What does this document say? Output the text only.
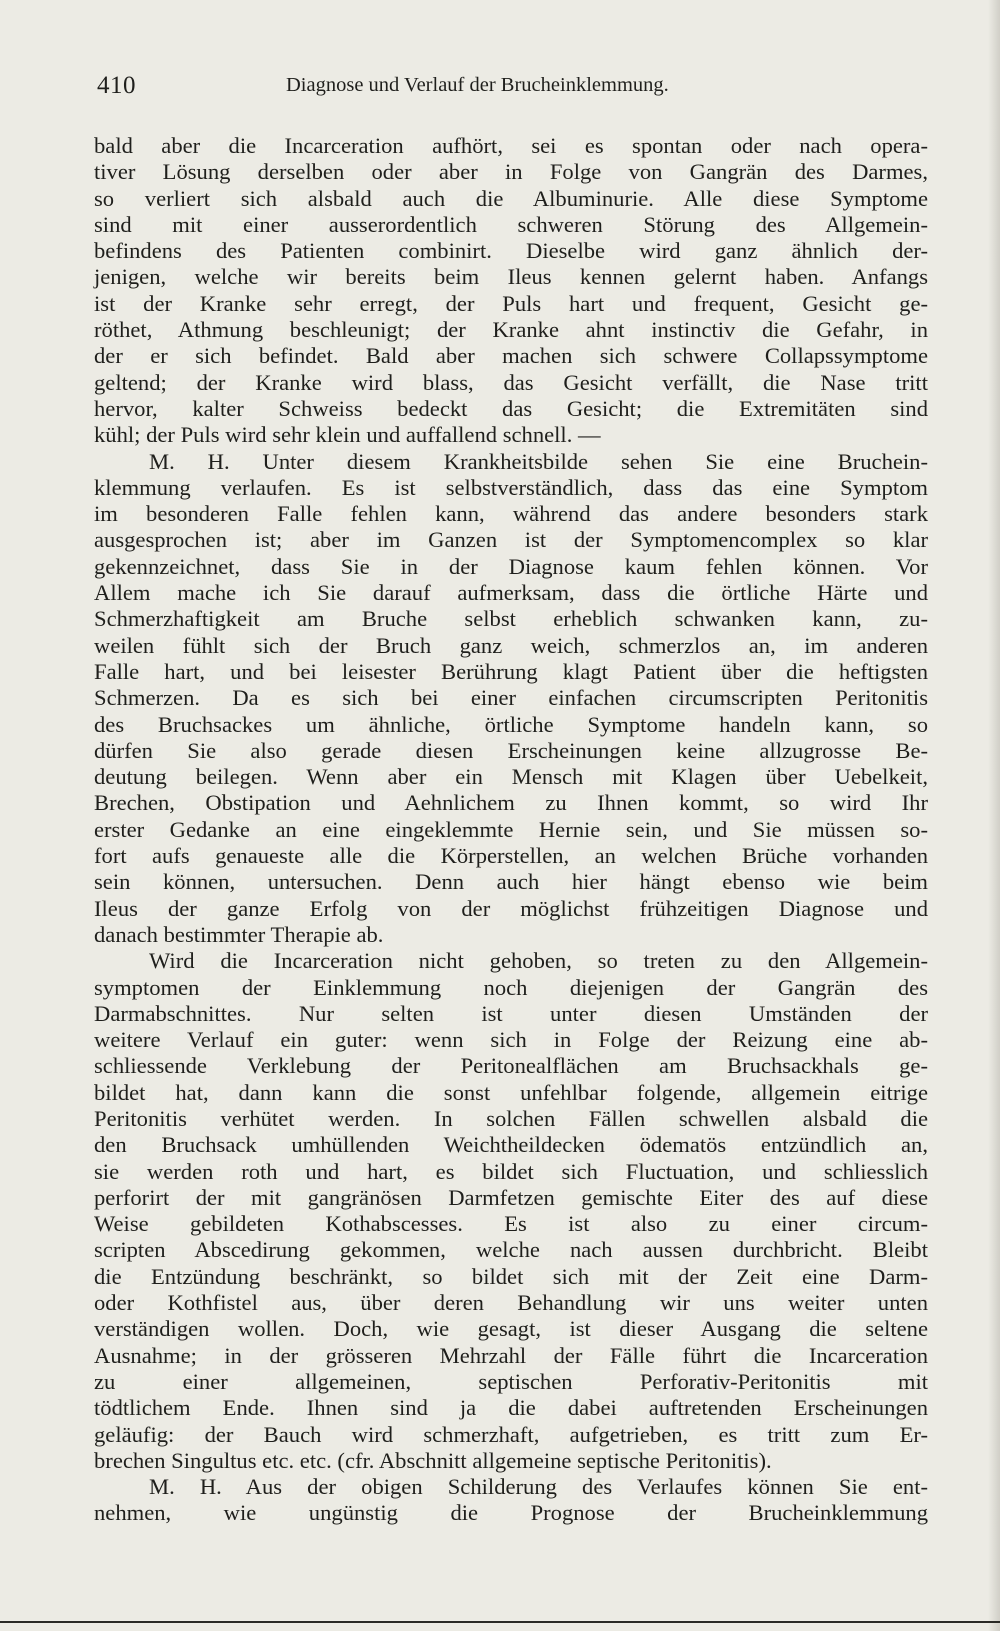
410	Diagnose und Verlauf der Brucheinklemmung.
bald aber die Incarceration aufhört, sei es spontan oder nach opera-
tiver Lösung derselben oder aber in Folge von Gangrän des Darmes,
so verliert sich alsbald auch die Albuminurie. Alle diese Symptome
sind mit einer ausserordentlich schweren Störung des Allgemein-
befindens des Patienten combinirt. Dieselbe wird ganz ähnlich der-
jenigen, welche wir bereits beim Ileus kennen gelernt haben. Anfangs
ist der Kranke sehr erregt, der Puls hart und frequent, Gesicht ge-
röthet, Athmung beschleunigt; der Kranke ahnt instinctiv die Gefahr, in
der er sich befindet. Bald aber machen sich schwere Collapssymptome
geltend; der Kranke wird blass, das Gesicht verfällt, die Nase tritt
hervor, kalter Schweiss bedeckt das Gesicht; die Extremitäten sind
kühl; der Puls wird sehr klein und auffallend schnell. —
M. H. Unter diesem Krankheitsbilde sehen Sie eine Bruchein-
klemmung verlaufen. Es ist selbstverständlich, dass das eine Symptom
im besonderen Falle fehlen kann, während das andere besonders stark
ausgesprochen ist; aber im Ganzen ist der Symptomencomplex so klar
gekennzeichnet, dass Sie in der Diagnose kaum fehlen können. Vor
Allem mache ich Sie darauf aufmerksam, dass die örtliche Härte und
Schmerzhaftigkeit am Bruche selbst erheblich schwanken kann, zu-
weilen fühlt sich der Bruch ganz weich, schmerzlos an, im anderen
Falle hart, und bei leisester Berührung klagt Patient über die heftigsten
Schmerzen. Da es sich bei einer einfachen circumscripten Peritonitis
des Bruchsackes um ähnliche, örtliche Symptome handeln kann, so
dürfen Sie also gerade diesen Erscheinungen keine allzugrosse Be-
deutung beilegen. Wenn aber ein Mensch mit Klagen über Uebelkeit,
Brechen, Obstipation und Aehnlichem zu Ihnen kommt, so wird Ihr
erster Gedanke an eine eingeklemmte Hernie sein, und Sie müssen so-
fort aufs genaueste alle die Körperstellen, an welchen Brüche vorhanden
sein können, untersuchen. Denn auch hier hängt ebenso wie beim
Ileus der ganze Erfolg von der möglichst frühzeitigen Diagnose und
danach bestimmter Therapie ab.
Wird die Incarceration nicht gehoben, so treten zu den Allgemein-
symptomen der Einklemmung noch diejenigen der Gangrän des
Darmabschnittes. Nur selten ist unter diesen Umständen der
weitere Verlauf ein guter: wenn sich in Folge der Reizung eine ab-
schliessende Verklebung der Peritonealflächen am Bruchsackhals ge-
bildet hat, dann kann die sonst unfehlbar folgende, allgemein eitrige
Peritonitis verhütet werden. In solchen Fällen schwellen alsbald die
den Bruchsack umhüllenden Weichtheildecken ödematös entzündlich an,
sie werden roth und hart, es bildet sich Fluctuation, und schliesslich
perforirt der mit gangränösen Darmfetzen gemischte Eiter des auf diese
Weise gebildeten Kothabscesses. Es ist also zu einer circum-
scripten Abscedirung gekommen, welche nach aussen durchbricht. Bleibt
die Entzündung beschränkt, so bildet sich mit der Zeit eine Darm-
oder Kothfistel aus, über deren Behandlung wir uns weiter unten
verständigen wollen. Doch, wie gesagt, ist dieser Ausgang die seltene
Ausnahme; in der grösseren Mehrzahl der Fälle führt die Incarceration
zu einer allgemeinen, septischen Perforativ-Peritonitis mit
tödtlichem Ende. Ihnen sind ja die dabei auftretenden Erscheinungen
geläufig: der Bauch wird schmerzhaft, aufgetrieben, es tritt zum Er-
brechen Singultus etc. etc. (cfr. Abschnitt allgemeine septische Peritonitis).
M. H. Aus der obigen Schilderung des Verlaufes können Sie ent-
nehmen, wie ungünstig die Prognose der Brucheinklemmung
